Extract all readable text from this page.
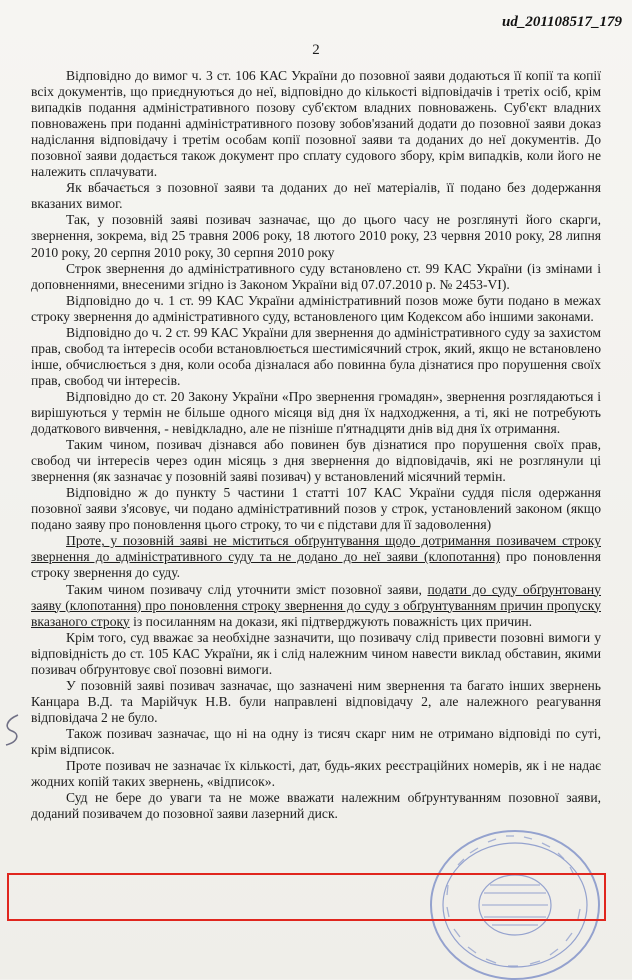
ud_201108517_179
2

Відповідно до вимог ч. 3 ст. 106 КАС України до позовної заяви додаються її копії та копії всіх документів, що приєднуються до неї, відповідно до кількості відповідачів і третіх осіб, крім випадків подання адміністративного позову суб'єктом владних повноважень. Суб'єкт владних повноважень при поданні адміністративного позову зобов'язаний додати до позовної заяви доказ надіслання відповідачу і третім особам копії позовної заяви та доданих до неї документів. До позовної заяви додається також документ про сплату судового збору, крім випадків, коли його не належить сплачувати.

Як вбачається з позовної заяви та доданих до неї матеріалів, її подано без додержання вказаних вимог.

Так, у позовній заяві позивач зазначає, що до цього часу не розглянуті його скарги, звернення, зокрема, від 25 травня 2006 року, 18 лютого 2010 року, 23 червня 2010 року, 28 липня 2010 року, 20 серпня 2010 року, 30 серпня 2010 року

Строк звернення до адміністративного суду встановлено ст. 99 КАС України (із змінами і доповненнями, внесеними згідно із Законом України від 07.07.2010 р. № 2453-VI).

Відповідно до ч. 1 ст. 99 КАС України адміністративний позов може бути подано в межах строку звернення до адміністративного суду, встановленого цим Кодексом або іншими законами.

Відповідно до ч. 2 ст. 99 КАС України для звернення до адміністративного суду за захистом прав, свобод та інтересів особи встановлюється шестимісячний строк, який, якщо не встановлено інше, обчислюється з дня, коли особа дізналася або повинна була дізнатися про порушення своїх прав, свобод чи інтересів.

Відповідно до ст. 20 Закону України «Про звернення громадян», звернення розглядаються і вирішуються у термін не більше одного місяця від дня їх надходження, а ті, які не потребують додаткового вивчення, - невідкладно, але не пізніше п'ятнадцяти днів від дня їх отримання.

Таким чином, позивач дізнався або повинен був дізнатися про порушення своїх прав, свобод чи інтересів через один місяць з дня звернення до відповідачів, які не розглянули ці звернення (як зазначає у позовній заяві позивач) у встановлений місячний термін.

Відповідно ж до пункту 5 частини 1 статті 107 КАС України суддя після одержання позовної заяви з'ясовує, чи подано адміністративний позов у строк, установлений законом (якщо подано заяву про поновлення цього строку, то чи є підстави для її задоволення)

Проте, у позовній заяві не міститься обґрунтування щодо дотримання позивачем строку звернення до адміністративного суду та не додано до неї заяви (клопотання) про поновлення строку звернення до суду.

Таким чином позивачу слід уточнити зміст позовної заяви, подати до суду обґрунтовану заяву (клопотання) про поновлення строку звернення до суду з обґрунтуванням причин пропуску вказаного строку із посиланням на докази, які підтверджують поважність цих причин.

Крім того, суд вважає за необхідне зазначити, що позивачу слід привести позовні вимоги у відповідність до ст. 105 КАС України, як і слід належним чином навести виклад обставин, якими позивач обґрунтовує свої позовні вимоги.

У позовній заяві позивач зазначає, що зазначені ним звернення та багато інших звернень Канцара В.Д. та Марійчук Н.В. були направлені відповідачу 2, але належного реагування відповідача 2 не було.

Також позивач зазначає, що ні на одну із тисяч скарг ним не отримано відповіді по суті, крім відписок.

Проте позивач не зазначає їх кількості, дат, будь-яких реєстраційних номерів, як і не надає жодних копій таких звернень, «відписок».

Суд не бере до уваги та не може вважати належним обґрунтуванням позовної заяви, доданий позивачем до позовної заяви лазерний диск.
